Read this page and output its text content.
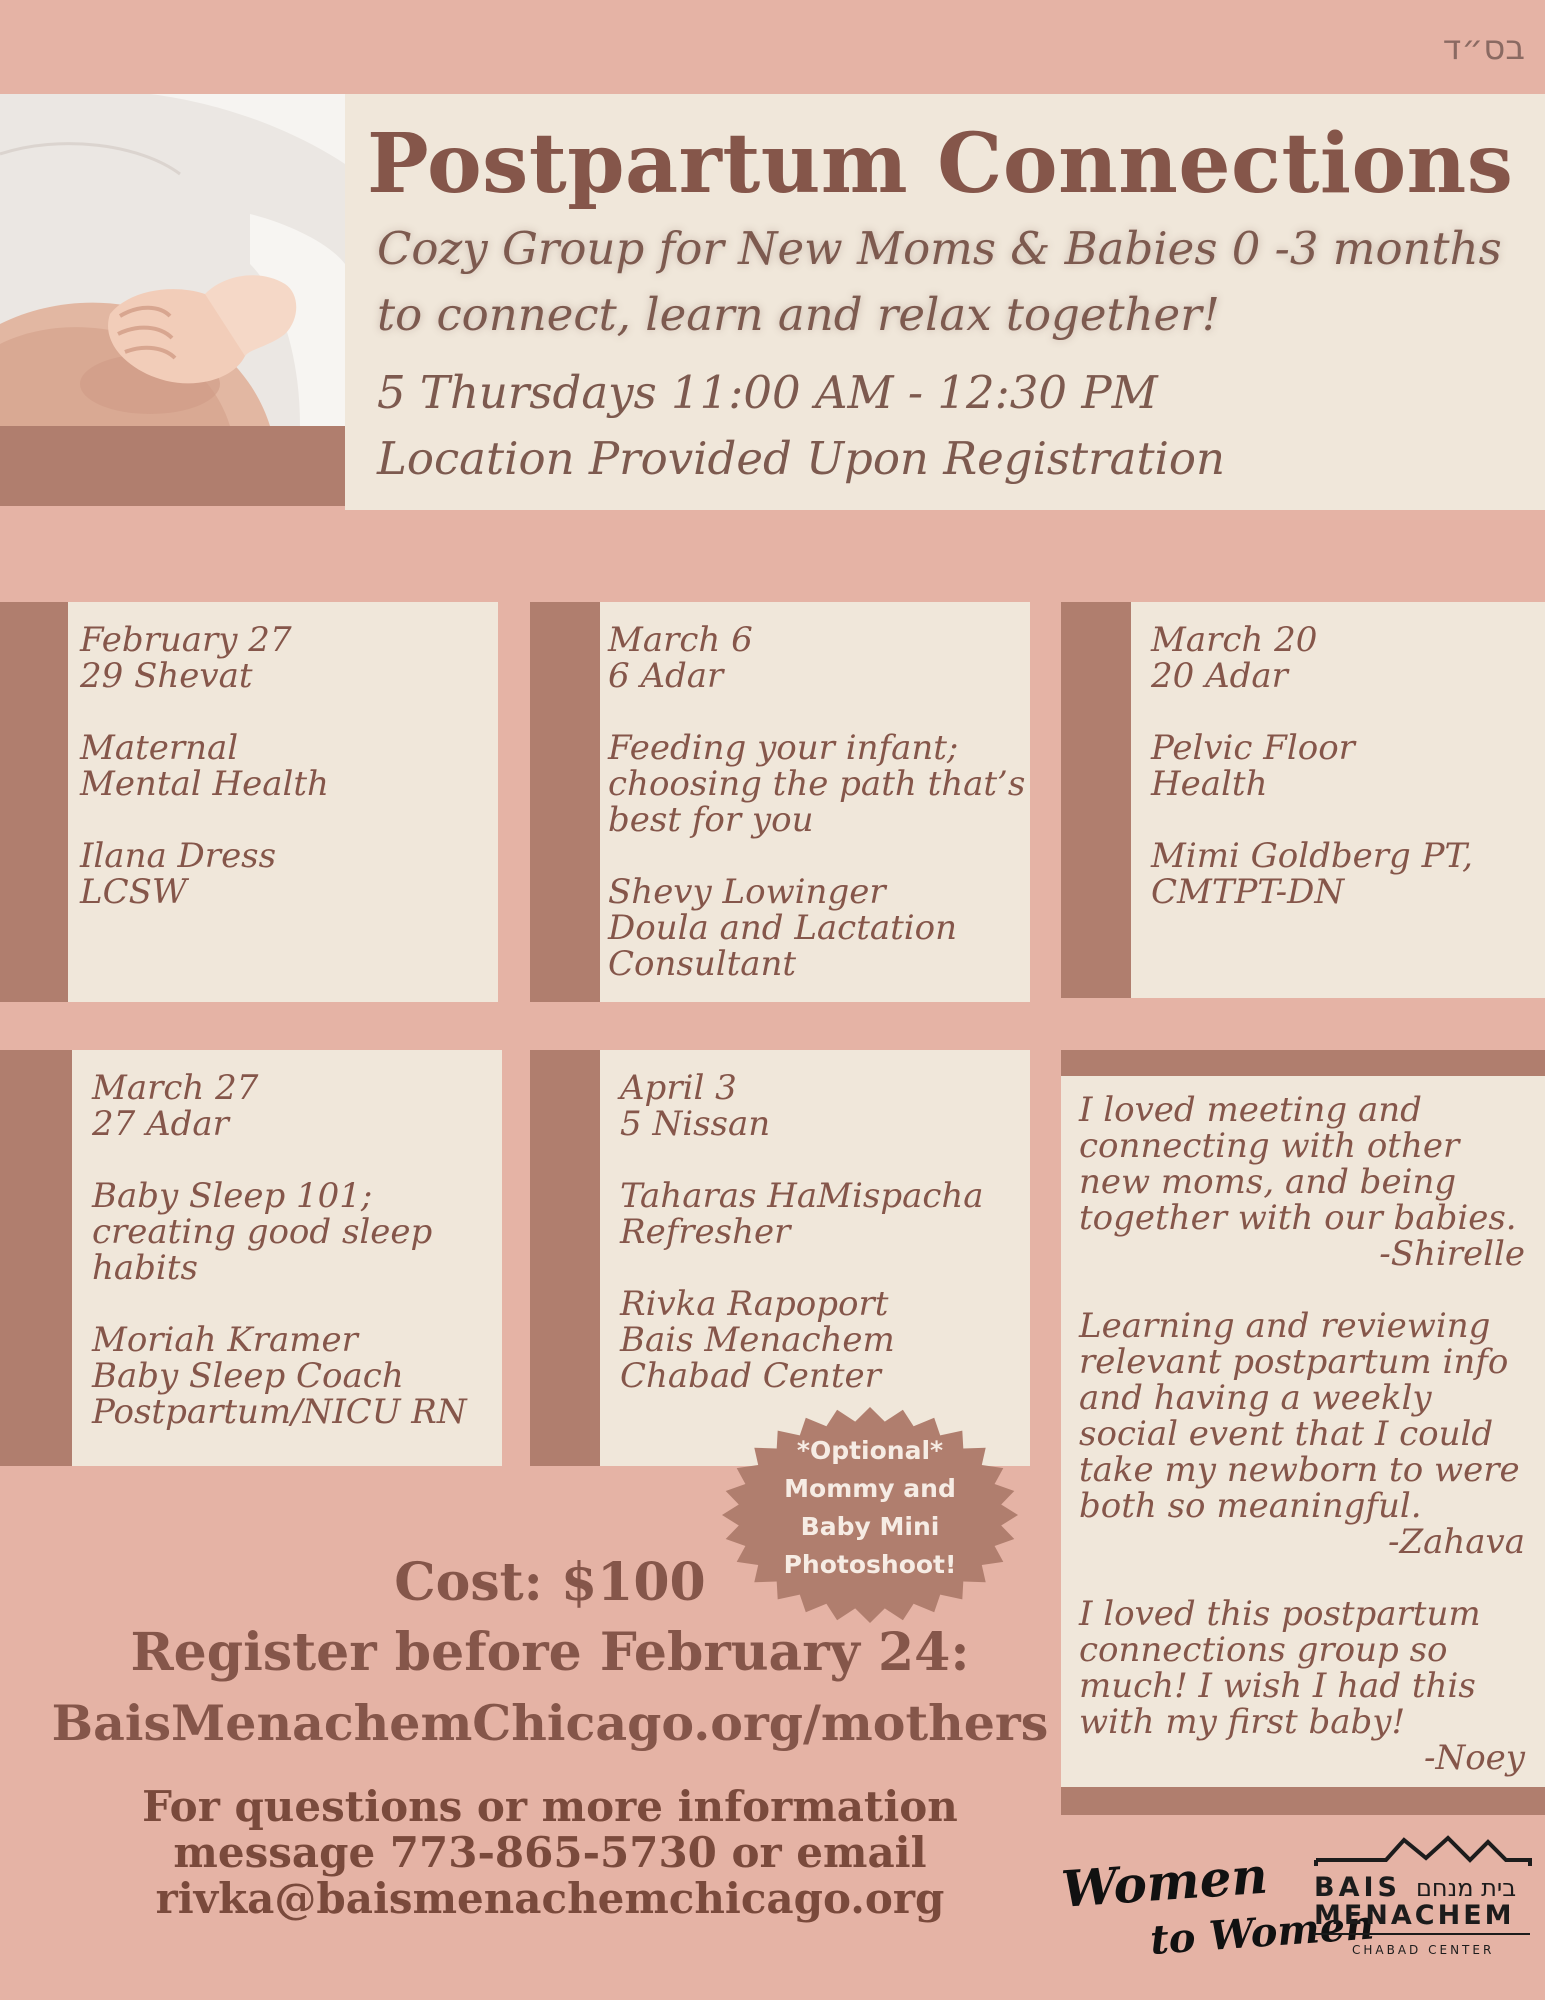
בס״ד
Postpartum Connections
Cozy Group for New Moms & Babies 0 -3 months to connect, learn and relax together!
5 Thursdays 11:00 AM - 12:30 PM
Location Provided Upon Registration

February 27
29 Shevat

Maternal
Mental Health

Ilana Dress
LCSW

March 6
6 Adar

Feeding your infant;
choosing the path that’s
best for you

Shevy Lowinger
Doula and Lactation
Consultant

March 20
20 Adar

Pelvic Floor
Health

Mimi Goldberg PT,
CMTPT-DN

March 27
27 Adar

Baby Sleep 101;
creating good sleep
habits

Moriah Kramer
Baby Sleep Coach
Postpartum/NICU RN

April 3
5 Nissan

Taharas HaMispacha
Refresher

Rivka Rapoport
Bais Menachem
Chabad Center

I loved meeting and connecting with other new moms, and being together with our babies.
-Shirelle
Learning and reviewing relevant postpartum info and having a weekly social event that I could take my newborn to were both so meaningful.
-Zahava
I loved this postpartum connections group so much! I wish I had this with my first baby!
-Noey
*Optional*
Mommy and
Baby Mini
Photoshoot!
Cost: $100
Register before February 24:
BaisMenachemChicago.org/mothers
For questions or more information
message 773-865-5730 or email
rivka@baismenachemchicago.org	Women
to Women
BAIS בית מנחם
MENACHEM
CHABAD CENTER
